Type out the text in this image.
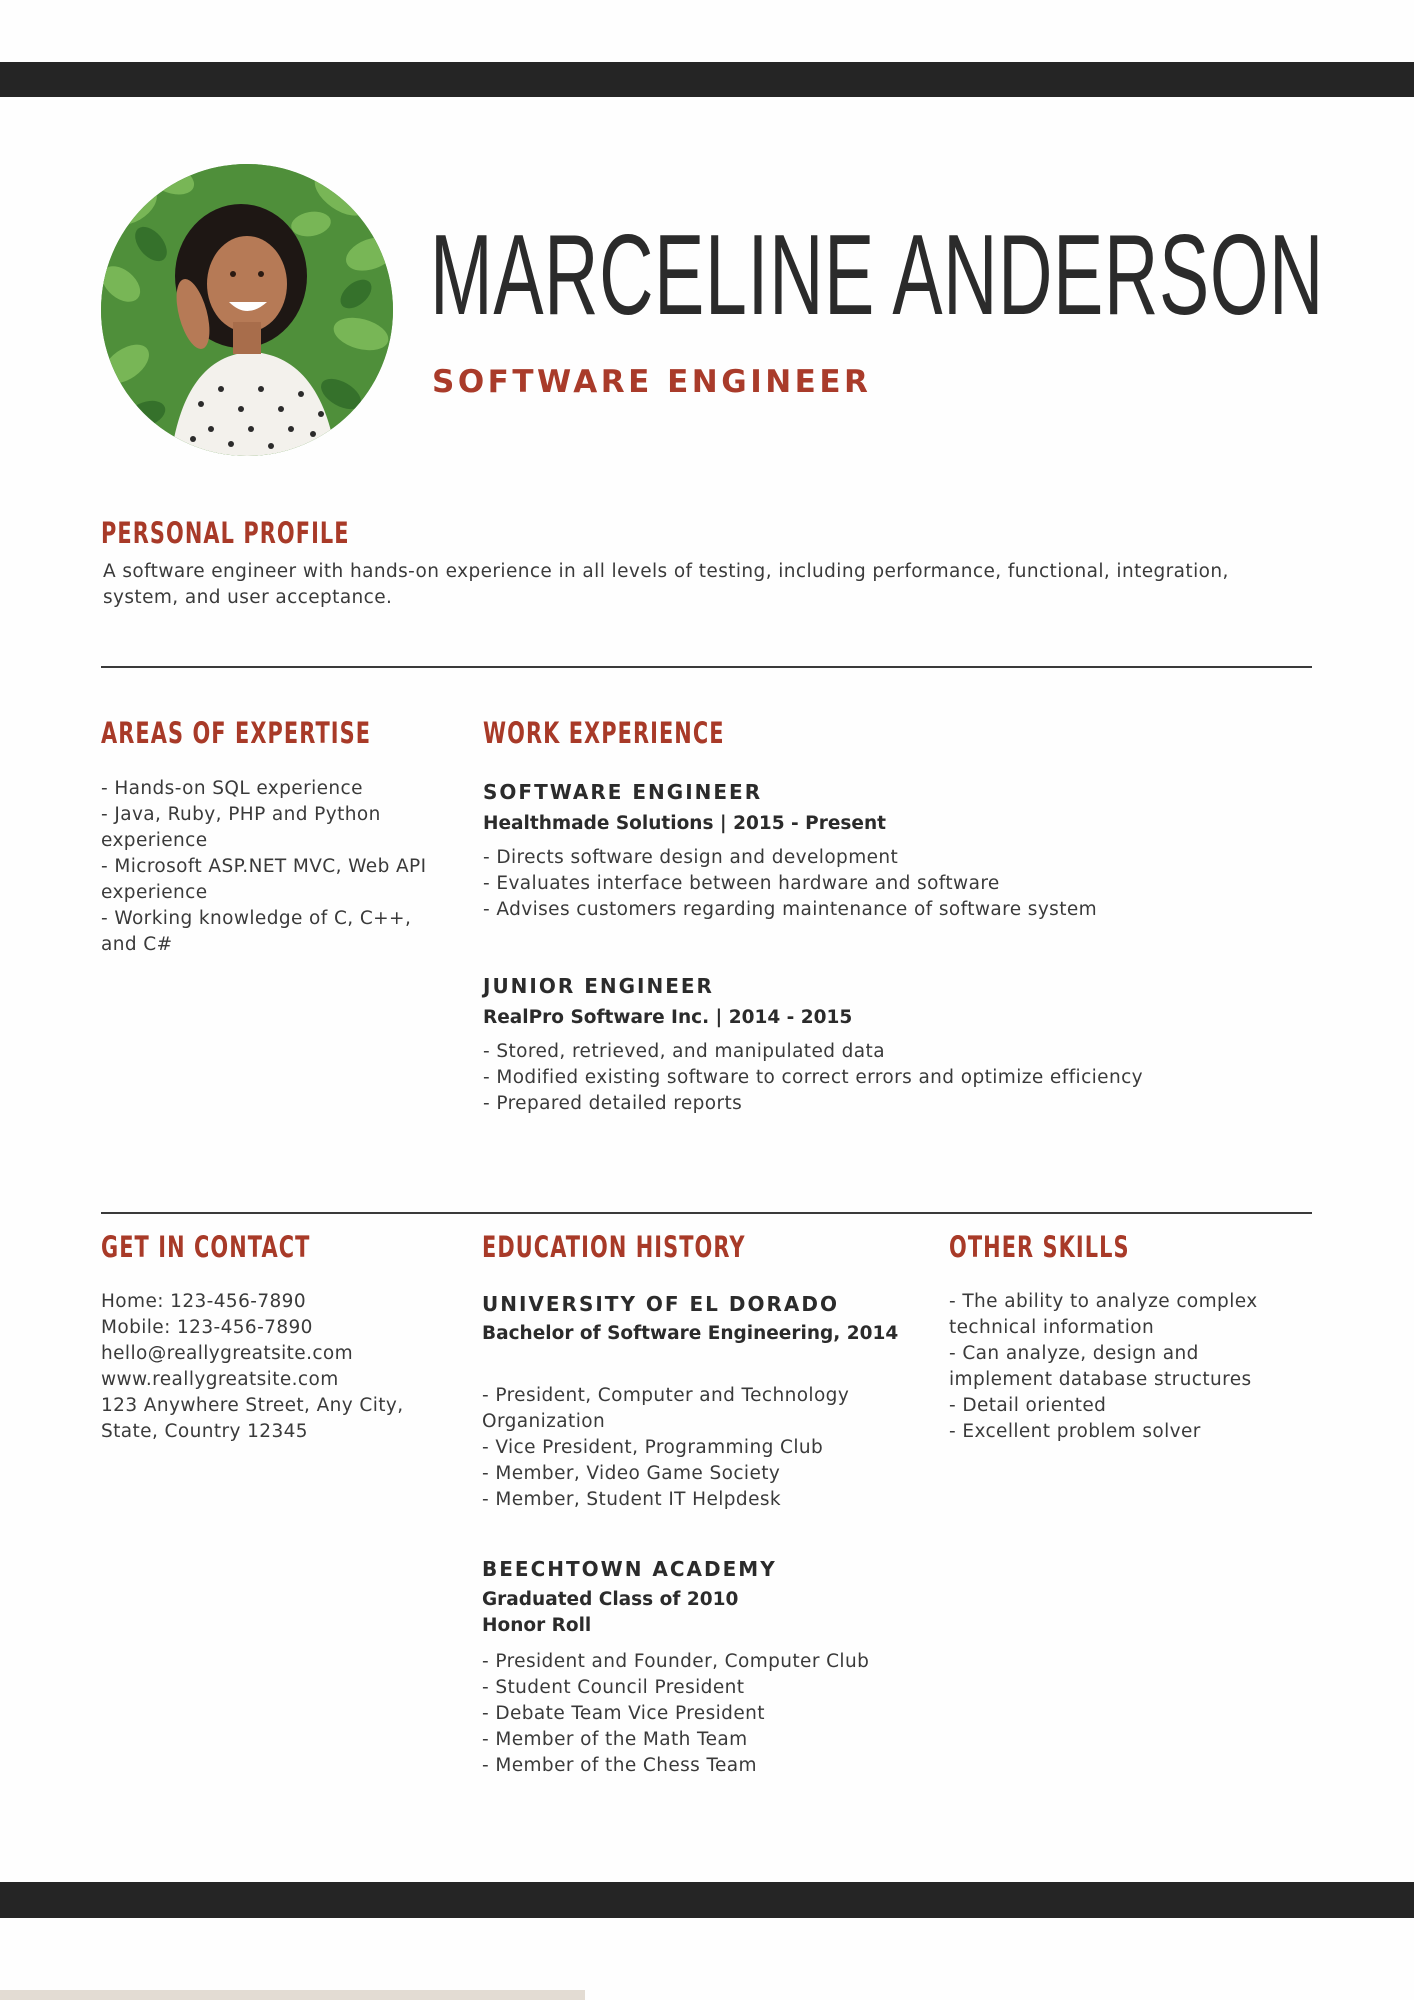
MARCELINE ANDERSON
SOFTWARE ENGINEER
PERSONAL PROFILE
A software engineer with hands-on experience in all levels of testing, including performance, functional, integration,
system, and user acceptance.
AREAS OF EXPERTISE
- Hands-on SQL experience
- Java, Ruby, PHP and Python
experience
- Microsoft ASP.NET MVC, Web API
experience
- Working knowledge of C, C++,
and C#
WORK EXPERIENCE
SOFTWARE ENGINEER
Healthmade Solutions | 2015 - Present
- Directs software design and development
- Evaluates interface between hardware and software
- Advises customers regarding maintenance of software system
JUNIOR ENGINEER
RealPro Software Inc. | 2014 - 2015
- Stored, retrieved, and manipulated data
- Modified existing software to correct errors and optimize efficiency
- Prepared detailed reports
GET IN CONTACT
Home: 123-456-7890
Mobile: 123-456-7890
hello@reallygreatsite.com
www.reallygreatsite.com
123 Anywhere Street, Any City,
State, Country 12345
EDUCATION HISTORY
UNIVERSITY OF EL DORADO
Bachelor of Software Engineering, 2014
- President, Computer and Technology
Organization
- Vice President, Programming Club
- Member, Video Game Society
- Member, Student IT Helpdesk
BEECHTOWN ACADEMY
Graduated Class of 2010
Honor Roll
- President and Founder, Computer Club
- Student Council President
- Debate Team Vice President
- Member of the Math Team
- Member of the Chess Team
OTHER SKILLS
- The ability to analyze complex
technical information
- Can analyze, design and
implement database structures
- Detail oriented
- Excellent problem solver
